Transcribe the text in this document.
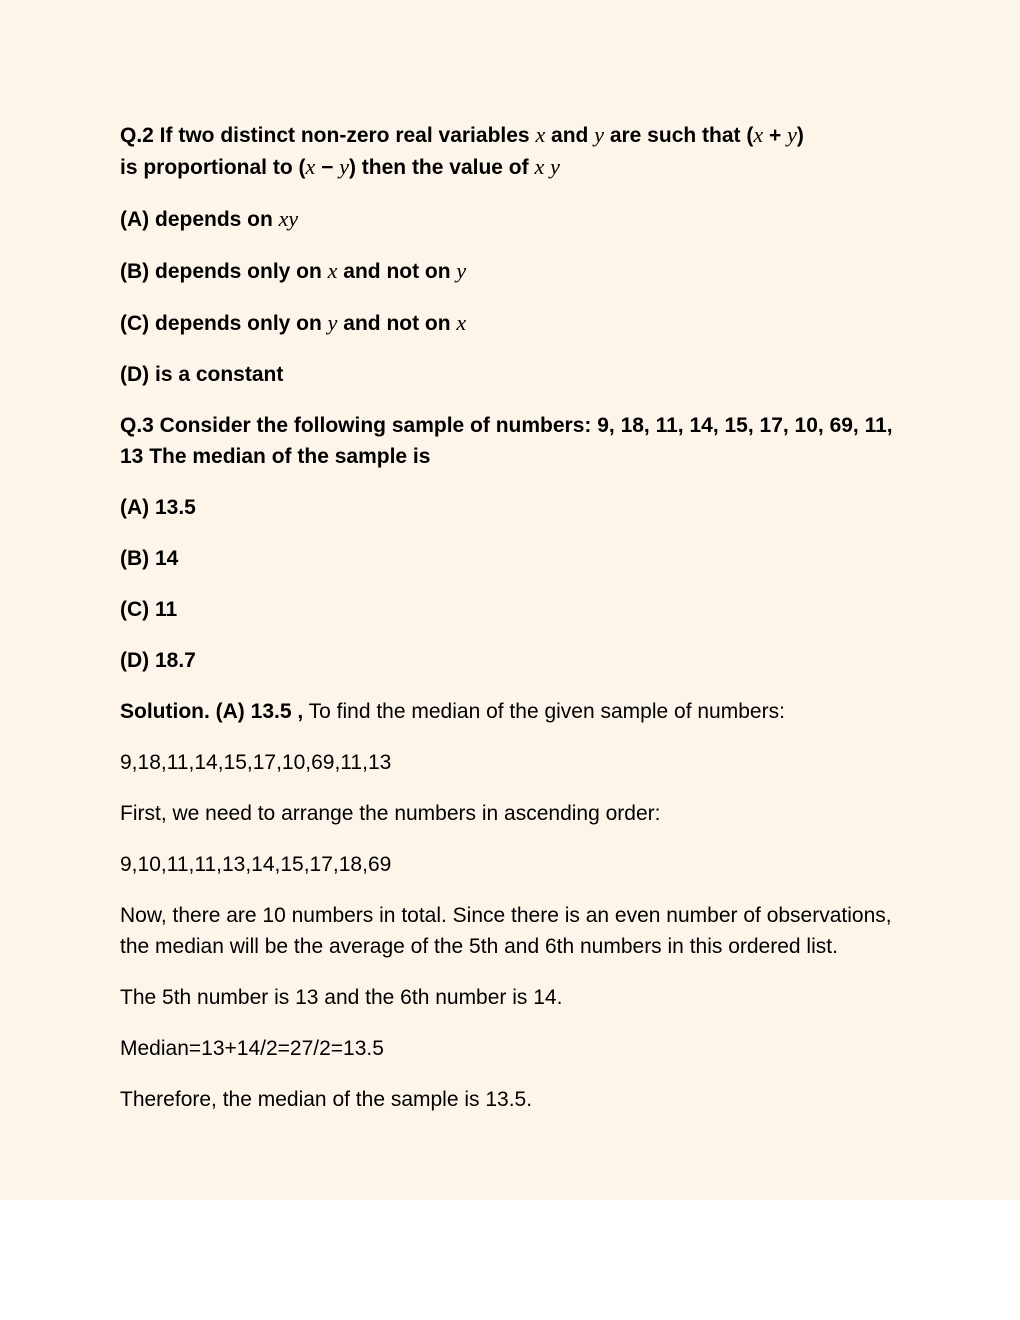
Q.2 If two distinct non-zero real variables x and y are such that (x + y)
is proportional to (x − y) then the value of x y

(A) depends on xy

(B) depends only on x and not on y

(C) depends only on y and not on x

(D) is a constant

Q.3 Consider the following sample of numbers: 9, 18, 11, 14, 15, 17, 10, 69, 11, 13 The median of the sample is

(A) 13.5

(B) 14

(C) 11

(D) 18.7

Solution. (A) 13.5 , To find the median of the given sample of numbers:

9,18,11,14,15,17,10,69,11,13

First, we need to arrange the numbers in ascending order:

9,10,11,11,13,14,15,17,18,69

Now, there are 10 numbers in total. Since there is an even number of observations, the median will be the average of the 5th and 6th numbers in this ordered list.

The 5th number is 13 and the 6th number is 14.

Median=13+14/2=27/2=13.5

Therefore, the median of the sample is 13.5.
